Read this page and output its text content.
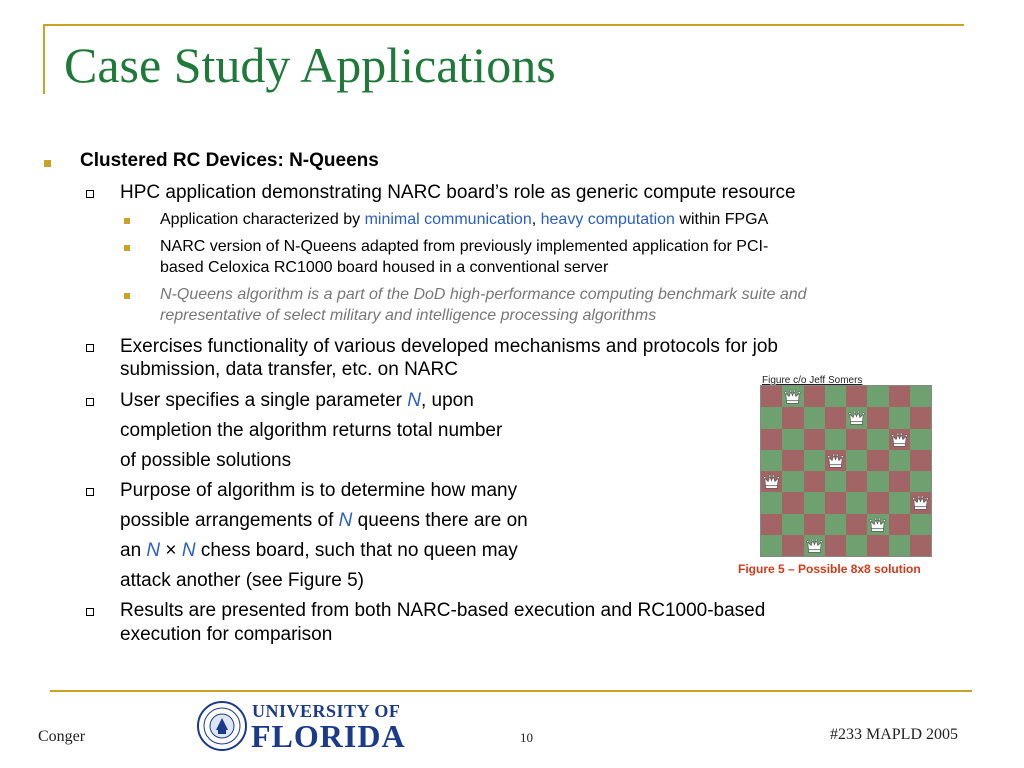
Case Study Applications
Clustered RC Devices: N-Queens
HPC application demonstrating NARC board’s role as generic compute resource
Application characterized by minimal communication, heavy computation within FPGA
NARC version of N-Queens adapted from previously implemented application for PCI-
based Celoxica RC1000 board housed in a conventional server
N-Queens algorithm is a part of the DoD high-performance computing benchmark suite and
representative of select military and intelligence processing algorithms
Exercises functionality of various developed mechanisms and protocols for job
submission, data transfer, etc. on NARC
User specifies a single parameter N, upon
completion the algorithm returns total number
of possible solutions
Purpose of algorithm is to determine how many
possible arrangements of N queens there are on
an N × N chess board, such that no queen may
attack another (see Figure 5)
Results are presented from both NARC-based execution and RC1000-based
execution for comparison
Figure c/o Jeff Somers
Figure 5 – Possible 8x8 solution
Conger
UNIVERSITY OF
FLORIDA	10	#233 MAPLD 2005
